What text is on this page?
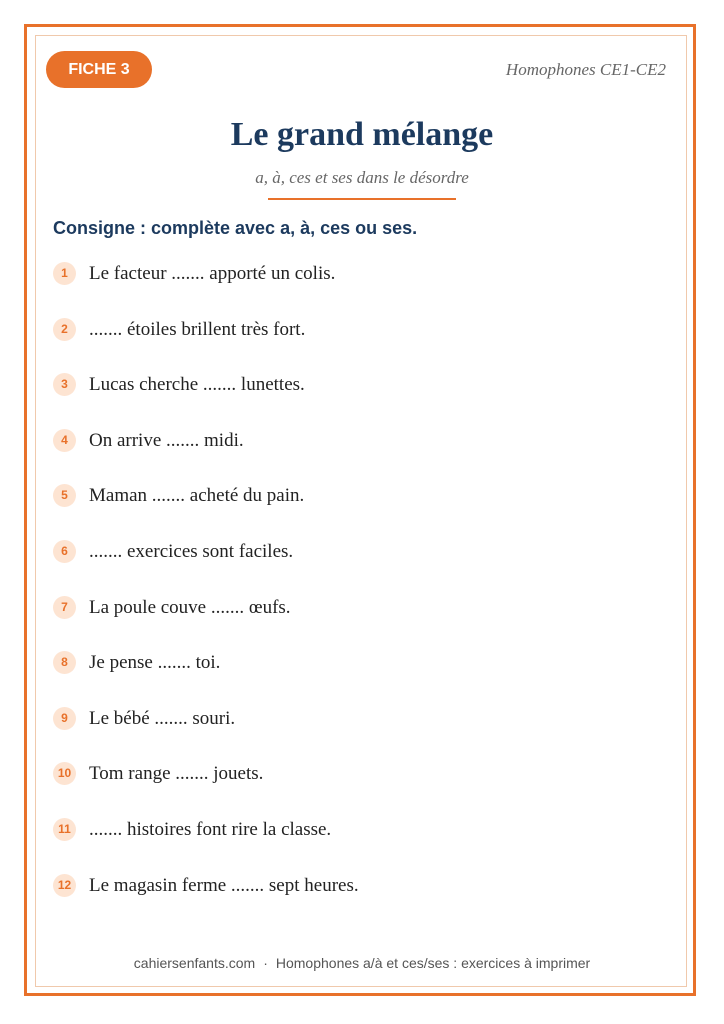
FICHE 3	Homophones CE1-CE2
Le grand mélange
a, à, ces et ses dans le désordre
Consigne : complète avec a, à, ces ou ses.
1	Le facteur ....... apporté un colis.
2	....... étoiles brillent très fort.
3	Lucas cherche ....... lunettes.
4	On arrive ....... midi.
5	Maman ....... acheté du pain.
6	....... exercices sont faciles.
7	La poule couve ....... œufs.
8	Je pense ....... toi.
9	Le bébé ....... souri.
10 Tom range ....... jouets.
11 ....... histoires font rire la classe.
12 Le magasin ferme ....... sept heures.
cahiersenfants.com · Homophones a/à et ces/ses : exercices à imprimer
